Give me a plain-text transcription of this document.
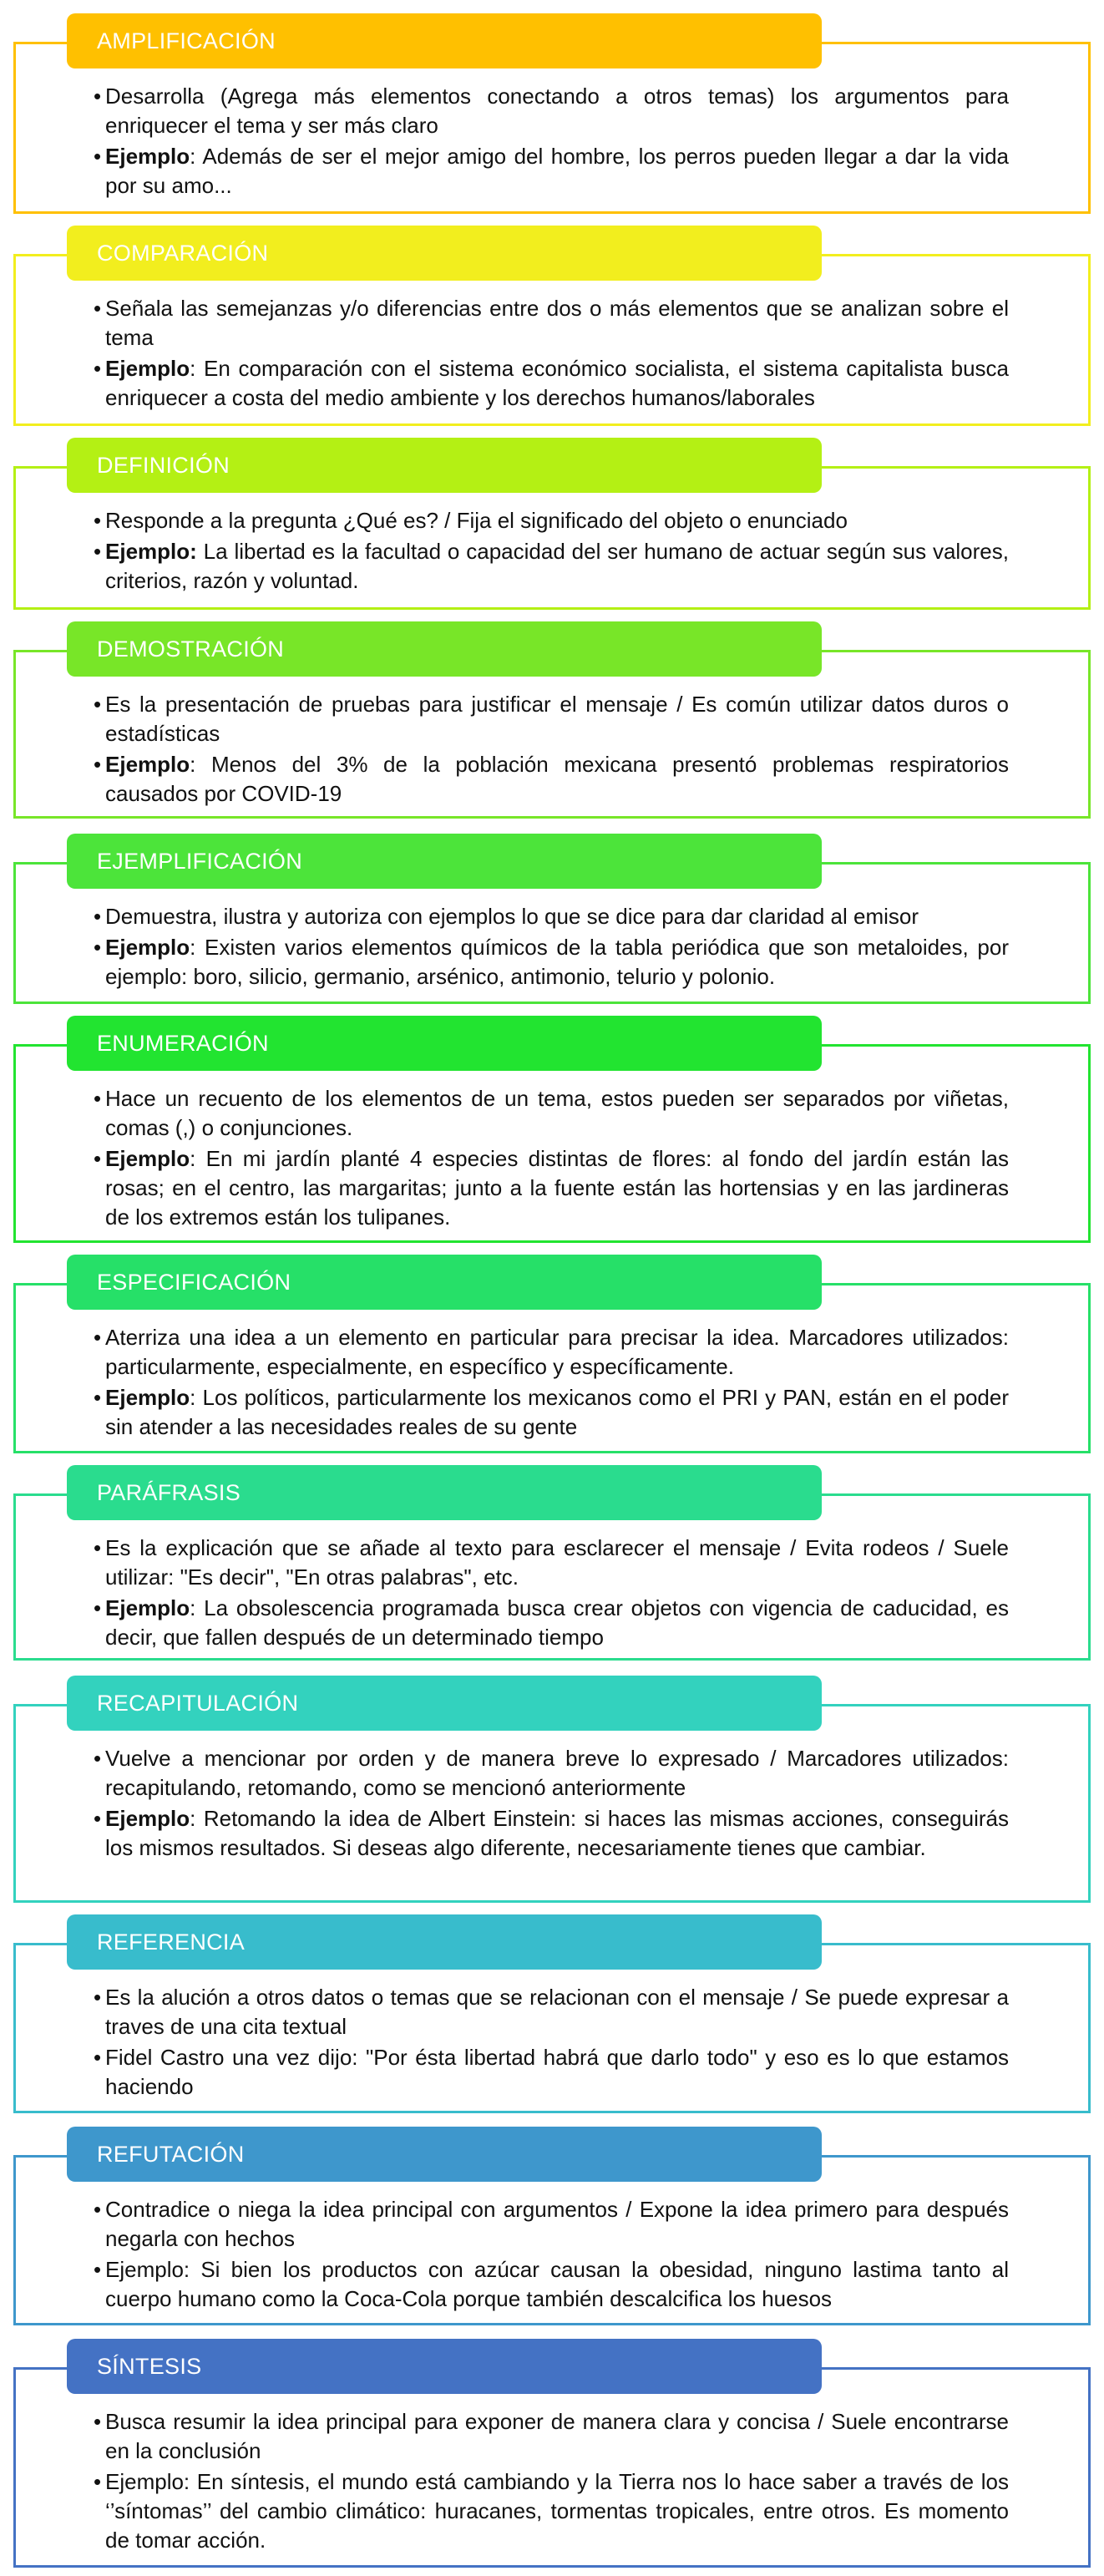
AMPLIFICACIÓN
• Desarrolla (Agrega más elementos conectando a otros temas) los argumentos para enriquecer el tema y ser más claro
• Ejemplo: Además de ser el mejor amigo del hombre, los perros pueden llegar a dar la vida por su amo...
COMPARACIÓN
• Señala las semejanzas y/o diferencias entre dos o más elementos que se analizan sobre el tema
• Ejemplo: En comparación con el sistema económico socialista, el sistema capitalista busca enriquecer a costa del medio ambiente y los derechos humanos/laborales
DEFINICIÓN
• Responde a la pregunta ¿Qué es? / Fija el significado del objeto o enunciado
• Ejemplo: La libertad es la facultad o capacidad del ser humano de actuar según sus valores, criterios, razón y voluntad.
DEMOSTRACIÓN
• Es la presentación de pruebas para justificar el mensaje / Es común utilizar datos duros o estadísticas
• Ejemplo: Menos del 3% de la población mexicana presentó problemas respiratorios causados por COVID-19
EJEMPLIFICACIÓN
• Demuestra, ilustra y autoriza con ejemplos lo que se dice para dar claridad al emisor
• Ejemplo: Existen varios elementos químicos de la tabla periódica que son metaloides, por ejemplo: boro, silicio, germanio, arsénico, antimonio, telurio y polonio.
ENUMERACIÓN
• Hace un recuento de los elementos de un tema, estos pueden ser separados por viñetas, comas (,) o conjunciones.
• Ejemplo: En mi jardín planté 4 especies distintas de flores: al fondo del jardín están las rosas; en el centro, las margaritas; junto a la fuente están las hortensias y en las jardineras de los extremos están los tulipanes.
ESPECIFICACIÓN
• Aterriza una idea a un elemento en particular para precisar la idea. Marcadores utilizados: particularmente, especialmente, en específico y específicamente.
• Ejemplo: Los políticos, particularmente los mexicanos como el PRI y PAN, están en el poder sin atender a las necesidades reales de su gente
PARÁFRASIS
• Es la explicación que se añade al texto para esclarecer el mensaje / Evita rodeos / Suele utilizar: "Es decir", "En otras palabras", etc.
• Ejemplo: La obsolescencia programada busca crear objetos con vigencia de caducidad, es decir, que fallen después de un determinado tiempo
RECAPITULACIÓN
• Vuelve a mencionar por orden y de manera breve lo expresado / Marcadores utilizados: recapitulando, retomando, como se mencionó anteriormente
• Ejemplo: Retomando la idea de Albert Einstein: si haces las mismas acciones, conseguirás los mismos resultados. Si deseas algo diferente, necesariamente tienes que cambiar.
REFERENCIA
• Es la alución a otros datos o temas que se relacionan con el mensaje / Se puede expresar a traves de una cita textual
• Fidel Castro una vez dijo: "Por ésta libertad habrá que darlo todo" y eso es lo que estamos haciendo
REFUTACIÓN
• Contradice o niega la idea principal con argumentos / Expone la idea primero para después negarla con hechos
• Ejemplo: Si bien los productos con azúcar causan la obesidad, ninguno lastima tanto al cuerpo humano como la Coca-Cola porque también descalcifica los huesos
SÍNTESIS
• Busca resumir la idea principal para exponer de manera clara y concisa / Suele encontrarse en la conclusión
• Ejemplo: En síntesis, el mundo está cambiando y la Tierra nos lo hace saber a través de los ‘’síntomas’’ del cambio climático: huracanes, tormentas tropicales, entre otros. Es momento de tomar acción.
